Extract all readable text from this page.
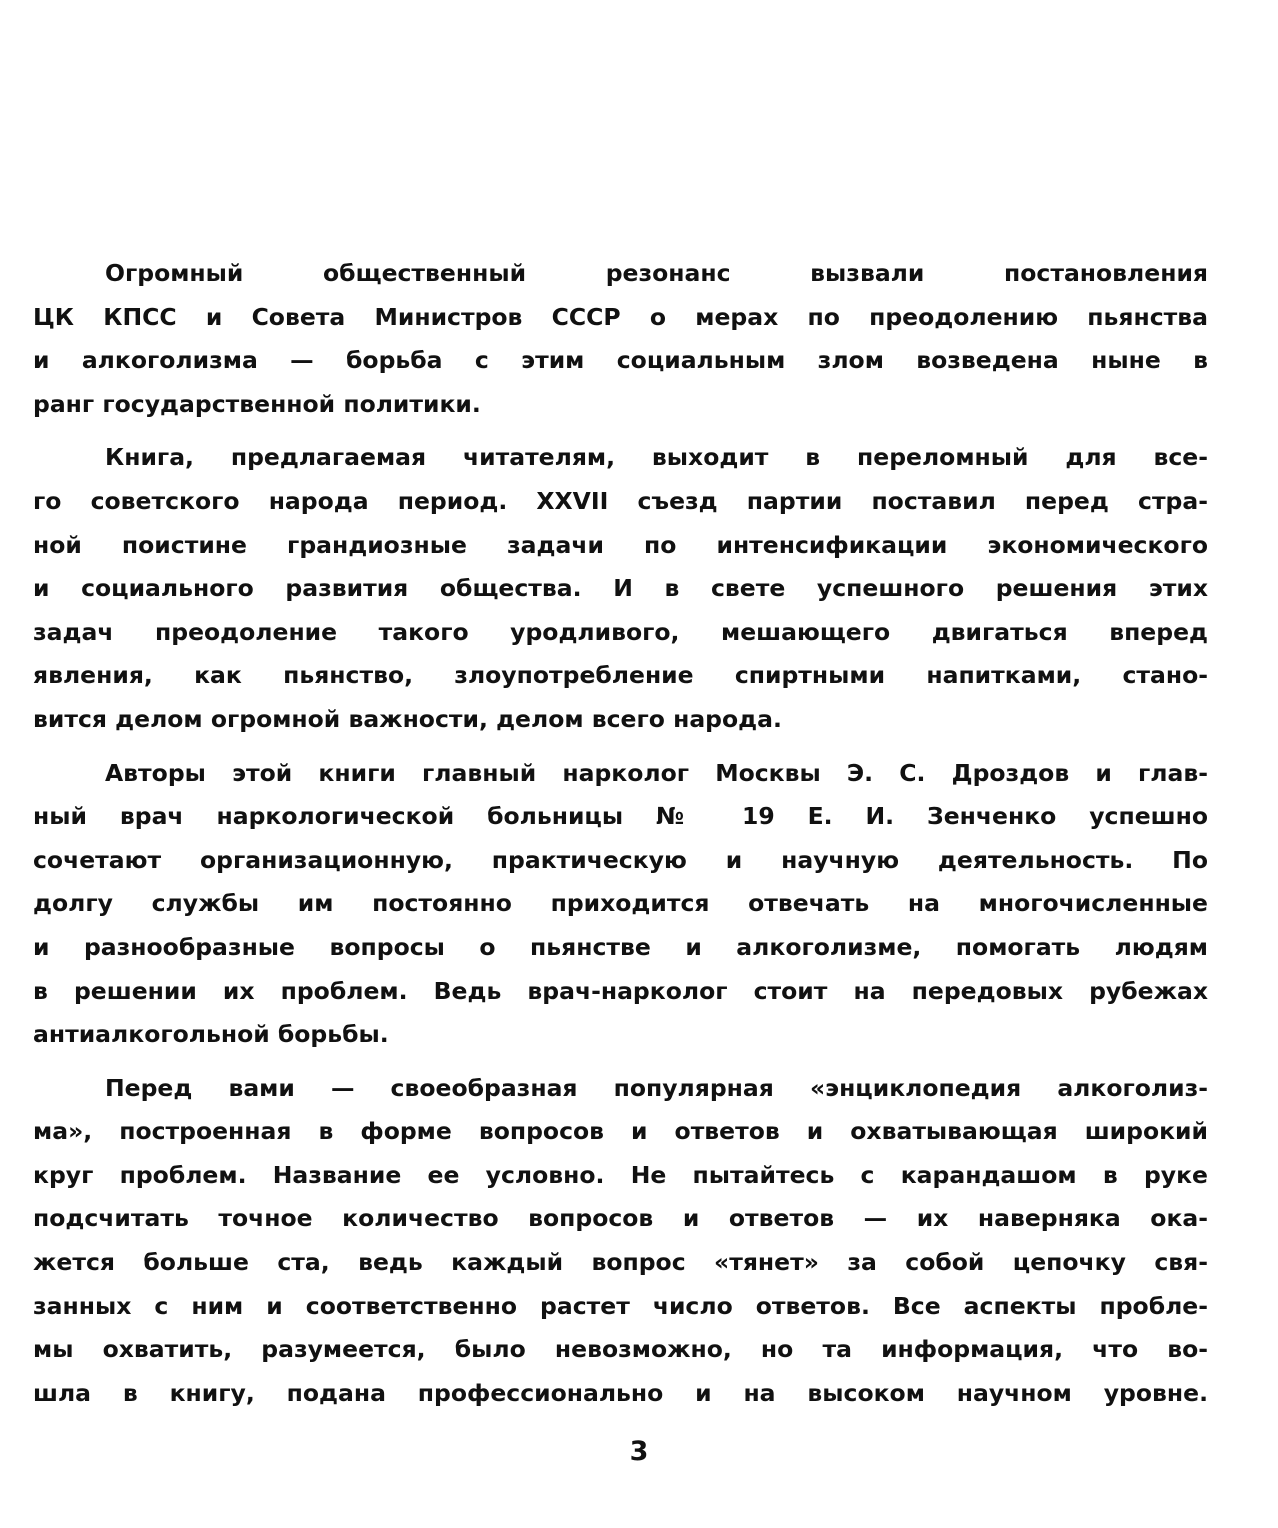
Огромный общественный резонанс вызвали постановления
ЦК КПСС и Совета Министров СССР о мерах по преодолению пьянства
и алкоголизма — борьба с этим социальным злом возведена ныне в
ранг государственной политики.
Книга, предлагаемая читателям, выходит в переломный для все-
го советского народа период. XXVII съезд партии поставил перед стра-
ной поистине грандиозные задачи по интенсификации экономического
и социального развития общества. И в свете успешного решения этих
задач преодоление такого уродливого, мешающего двигаться вперед
явления, как пьянство, злоупотребление спиртными напитками, стано-
вится делом огромной важности, делом всего народа.
Авторы этой книги главный нарколог Москвы Э. С. Дроздов и глав-
ный врач наркологической больницы № 19 Е. И. Зенченко успешно
сочетают организационную, практическую и научную деятельность. По
долгу службы им постоянно приходится отвечать на многочисленные
и разнообразные вопросы о пьянстве и алкоголизме, помогать людям
в решении их проблем. Ведь врач-нарколог стоит на передовых рубежах
антиалкогольной борьбы.
Перед вами — своеобразная популярная «энциклопедия алкоголиз-
ма», построенная в форме вопросов и ответов и охватывающая широкий
круг проблем. Название ее условно. Не пытайтесь с карандашом в руке
подсчитать точное количество вопросов и ответов — их наверняка ока-
жется больше ста, ведь каждый вопрос «тянет» за собой цепочку свя-
занных с ним и соответственно растет число ответов. Все аспекты пробле-
мы охватить, разумеется, было невозможно, но та информация, что во-
шла в книгу, подана профессионально и на высоком научном уровне.
3
